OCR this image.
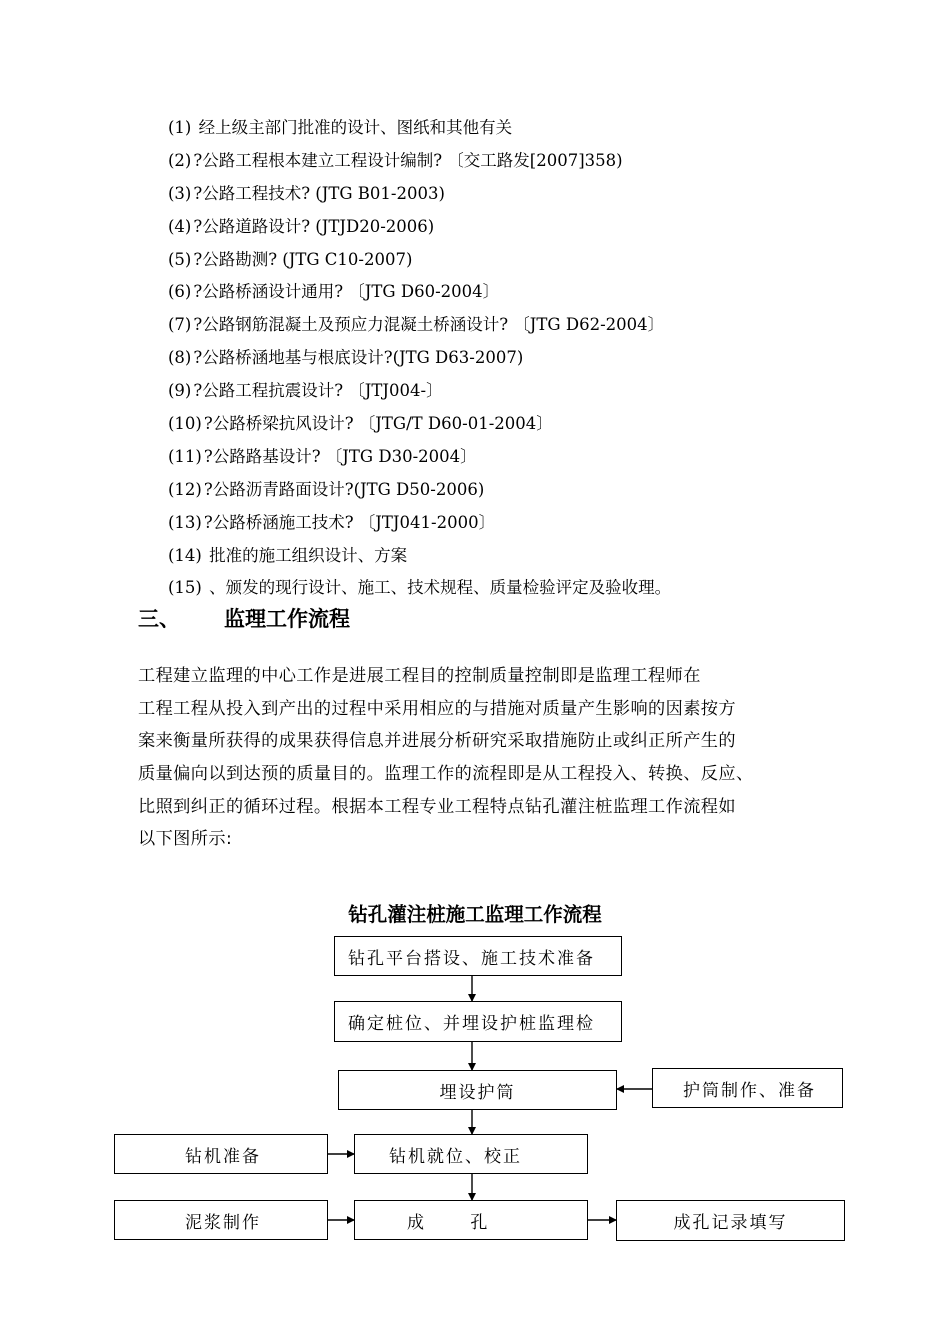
(1) 经上级主部门批准的设计、图纸和其他有关
(2) ?公路工程根本建立工程设计编制? 〔交工路发[2007]358)
(3) ?公路工程技术? (JTG B01-2003)
(4) ?公路道路设计? (JTJD20-2006)
(5) ?公路勘测? (JTG C10-2007)
(6) ?公路桥涵设计通用? 〔JTG D60-2004〕
(7) ?公路钢筋混凝土及预应力混凝土桥涵设计? 〔JTG D62-2004〕
(8) ?公路桥涵地基与根底设计?(JTG D63-2007)
(9) ?公路工程抗震设计? 〔JTJ004-〕
(10) ?公路桥梁抗风设计? 〔JTG/T D60-01-2004〕
(11) ?公路路基设计? 〔JTG D30-2004〕
(12) ?公路沥青路面设计?(JTG D50-2006)
(13) ?公路桥涵施工技术? 〔JTJ041-2000〕
(14) 批准的施工组织设计、方案
(15) 、颁发的现行设计、施工、技术规程、质量检验评定及验收理。
三、 监理工作流程
工程建立监理的中心工作是进展工程目的控制质量控制即是监理工程师在
工程工程从投入到产出的过程中采用相应的与措施对质量产生影响的因素按方
案来衡量所获得的成果获得信息并进展分析研究采取措施防止或纠正所产生的
质量偏向以到达预的质量目的。监理工作的流程即是从工程投入、转换、反应、
比照到纠正的循环过程。根据本工程专业工程特点钻孔灌注桩监理工作流程如
以下图所示:
钻孔灌注桩施工监理工作流程
钻孔平台搭设、施工技术准备
确定桩位、并埋设护桩监理检
埋设护筒	护筒制作、准备
钻机准备	钻机就位、校正
泥浆制作	成      孔	成孔记录填写
